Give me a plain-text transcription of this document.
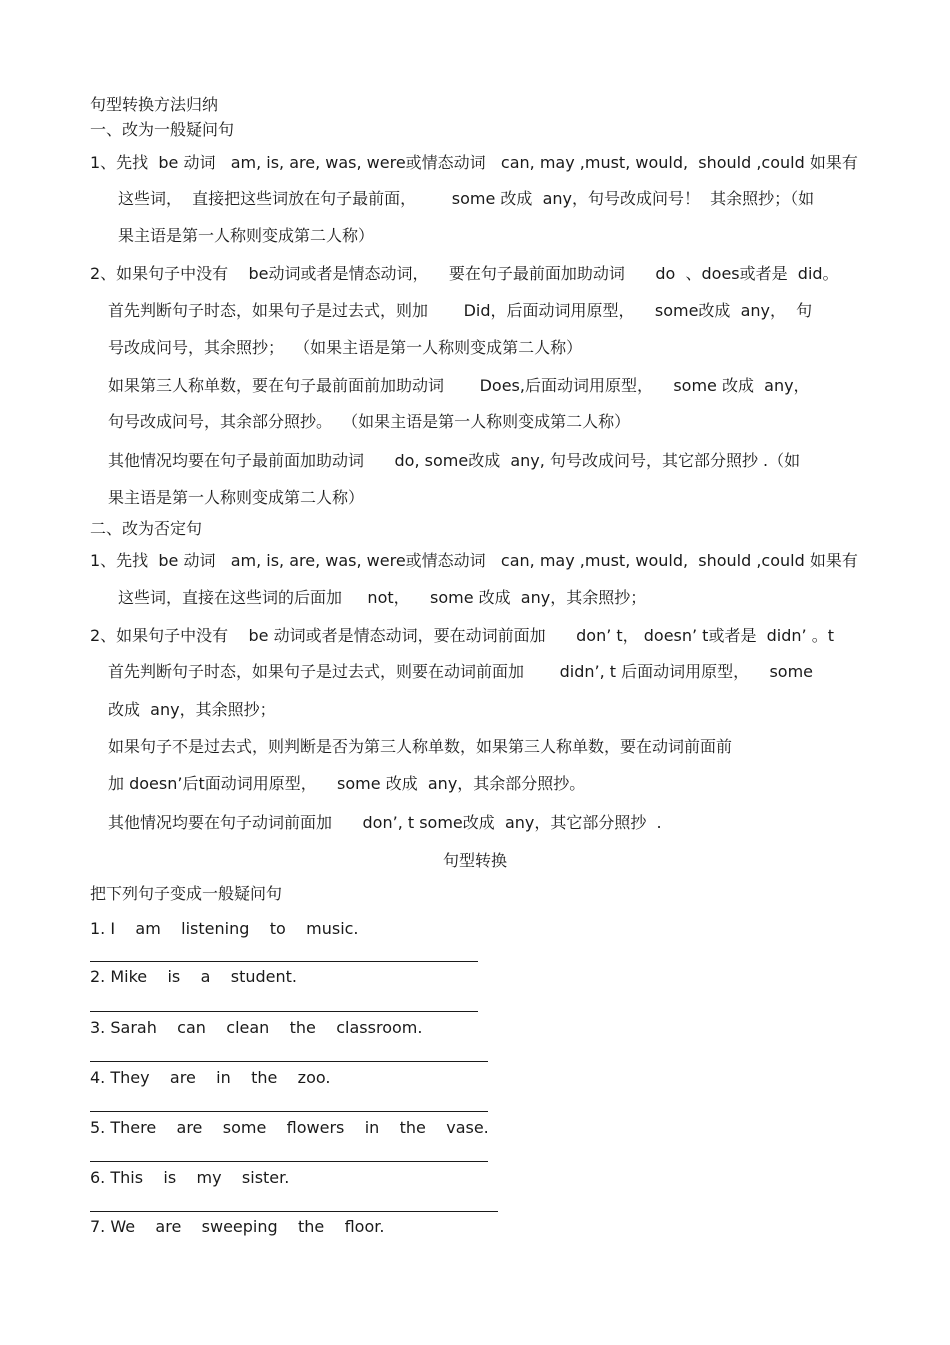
句型转换方法归纳
一、改为一般疑问句
1、先找  be 动词   am, is, are, was, were或情态动词   can, may ,must, would,  should ,could 如果有
这些词，  直接把这些词放在句子最前面，       some 改成  any，句号改成问号！  其余照抄；（如
果主语是第一人称则变成第二人称）
2、如果句子中没有    be动词或者是情态动词，    要在句子最前面加助动词      do  、does或者是  did。
首先判断句子时态，如果句子是过去式，则加       Did，后面动词用原型，    some改成  any，  句
号改成问号，其余照抄；  （如果主语是第一人称则变成第二人称）
如果第三人称单数，要在句子最前面前加助动词       Does,后面动词用原型，    some 改成  any，
句号改成问号，其余部分照抄。  （如果主语是第一人称则变成第二人称）
其他情况均要在句子最前面加助动词      do, some改成  any, 句号改成问号，其它部分照抄 .（如
果主语是第一人称则变成第二人称）
二、改为否定句
1、先找  be 动词   am, is, are, was, were或情态动词   can, may ,must, would,  should ,could 如果有
这些词，直接在这些词的后面加     not，    some 改成  any，其余照抄；
2、如果句子中没有    be 动词或者是情态动词，要在动词前面加      don’ t， doesn’ t或者是  didn’ 。t
首先判断句子时态，如果句子是过去式，则要在动词前面加       didn’, t 后面动词用原型，    some
改成  any，其余照抄；
如果句子不是过去式，则判断是否为第三人称单数，如果第三人称单数，要在动词前面前
加 doesn’后t面动词用原型，    some 改成  any，其余部分照抄。
其他情况均要在句子动词前面加      don’, t some改成  any，其它部分照抄  .
句型转换
把下列句子变成一般疑问句
1. I    am    listening    to    music.
2. Mike    is    a    student.
3. Sarah    can    clean    the    classroom.
4. They    are    in    the    zoo.
5. There    are    some    flowers    in    the    vase.
6. This    is    my    sister.
7. We    are    sweeping    the    floor.
